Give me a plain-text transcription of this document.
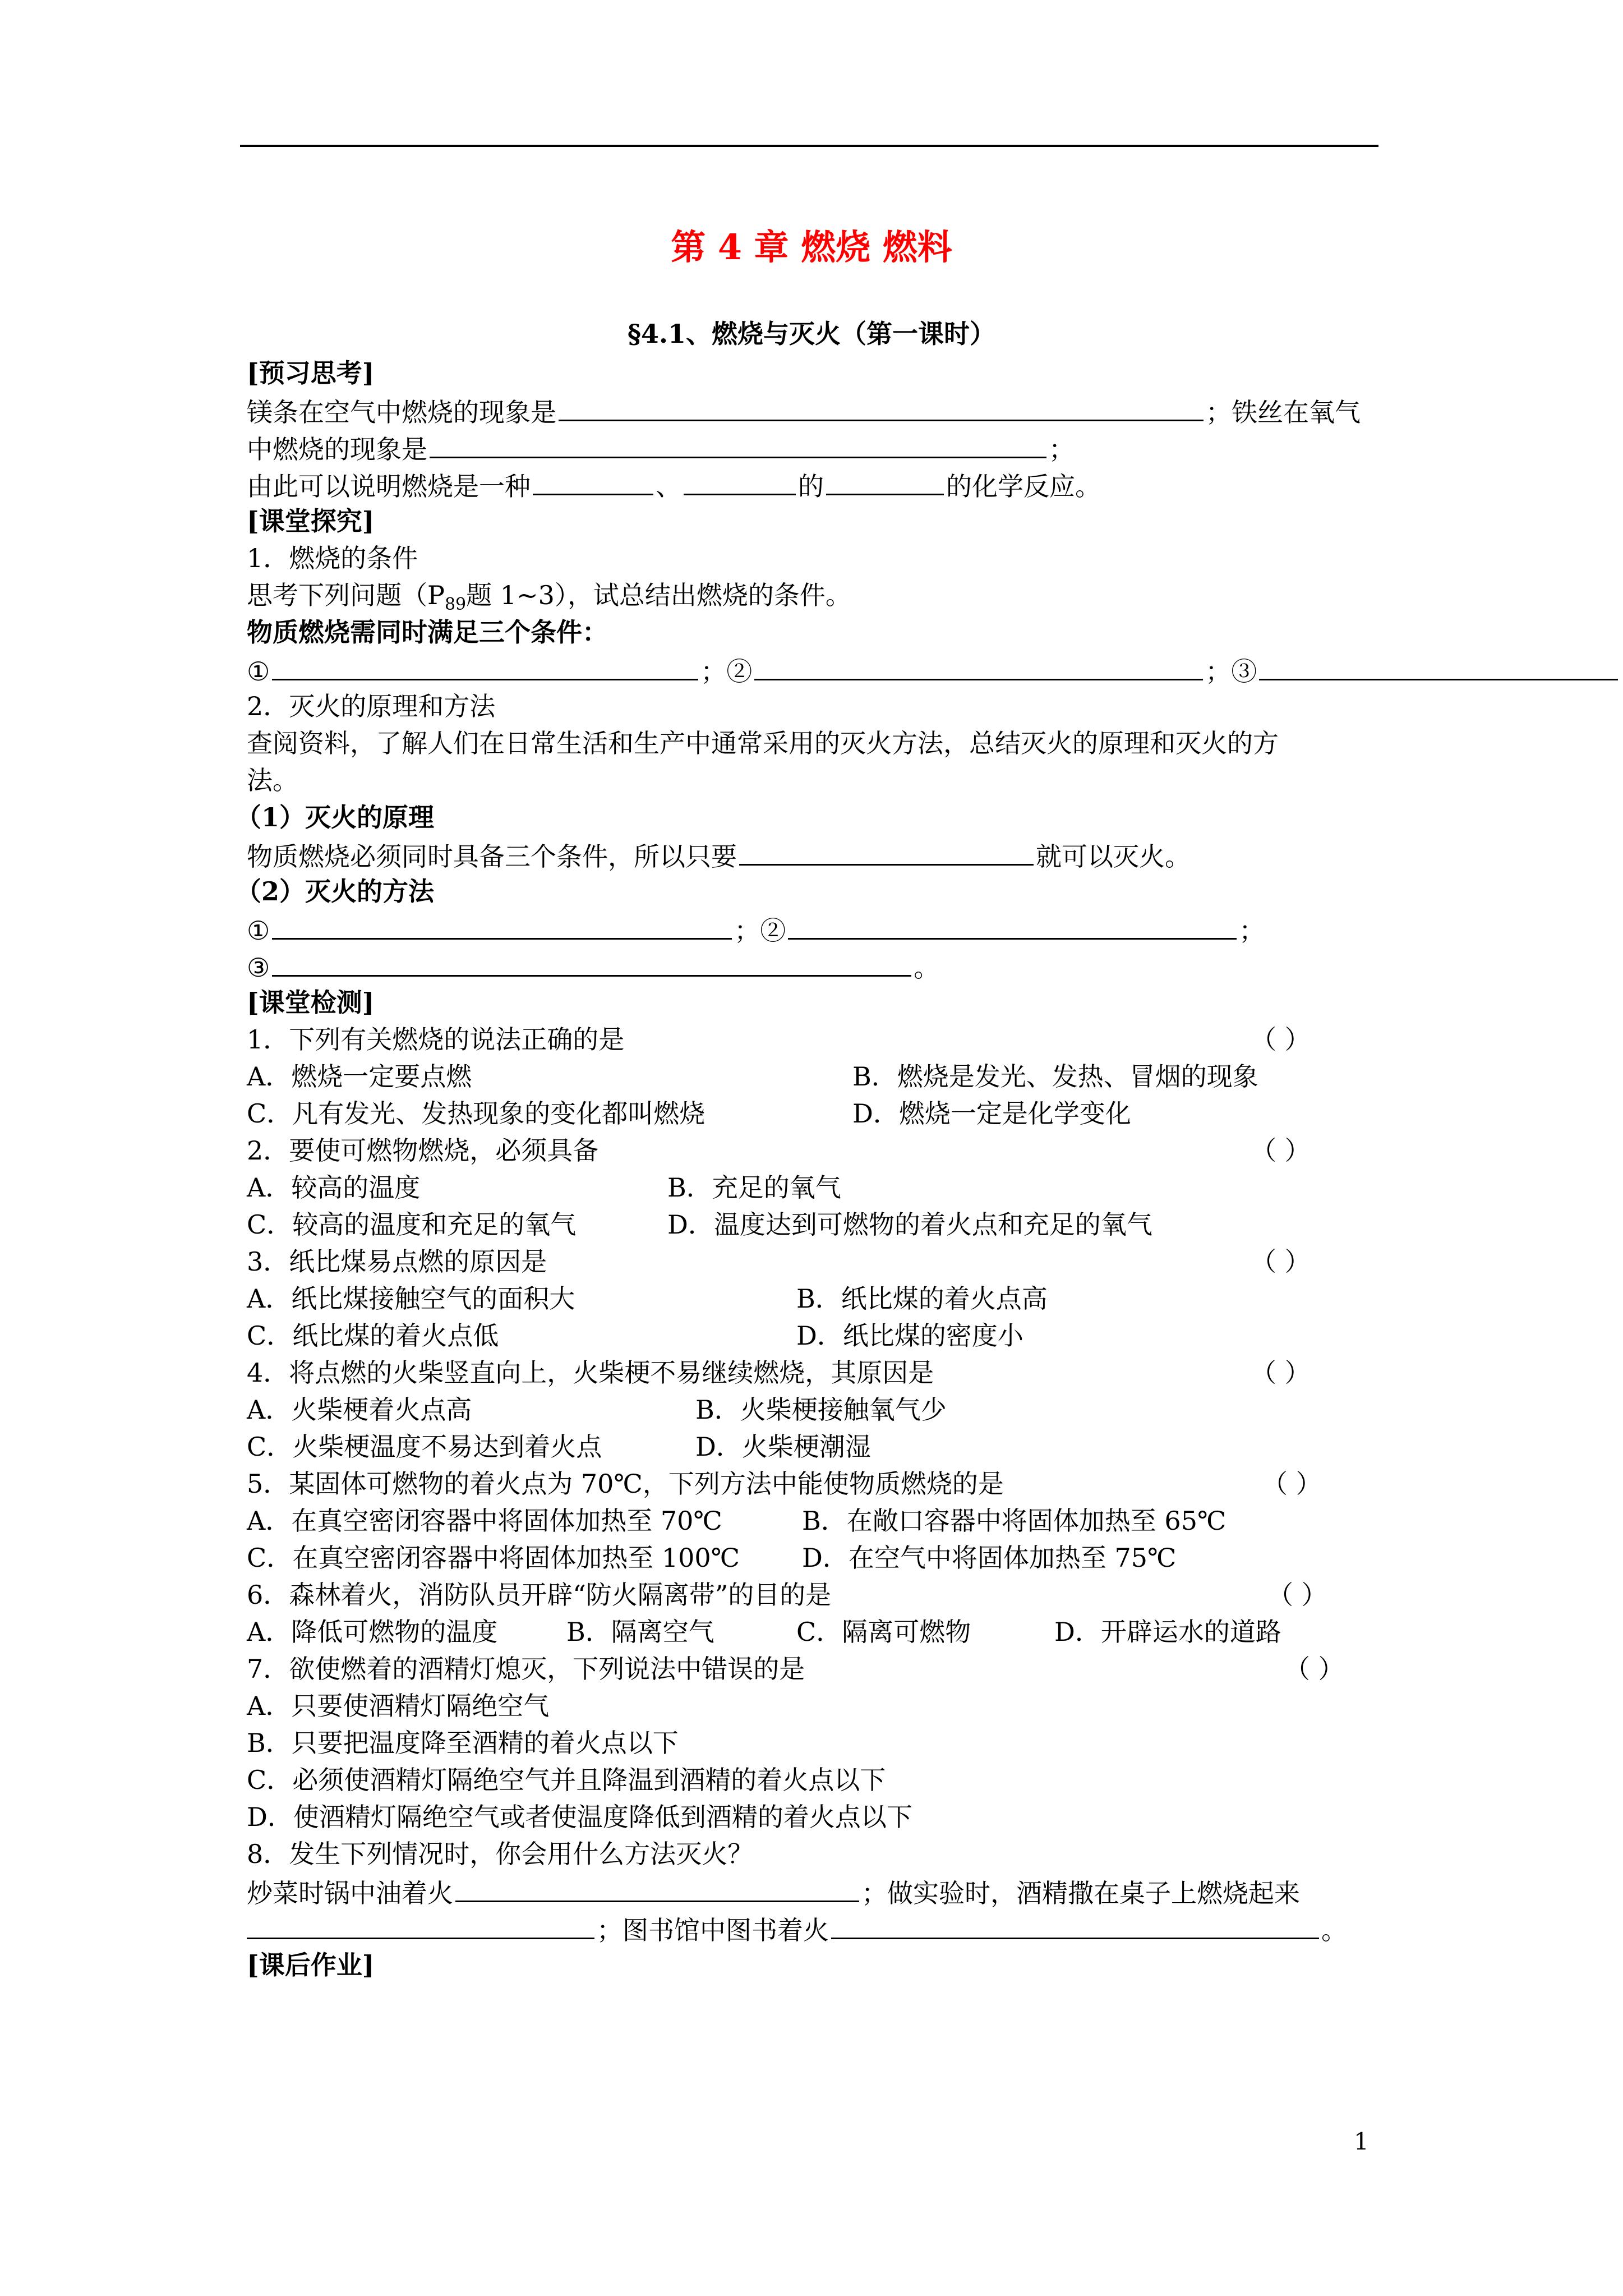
第 4 章 燃烧 燃料
§4.1、燃烧与灭火（第一课时）
[预习思考]
镁条在空气中燃烧的现象是	；铁丝在氧气
中燃烧的现象是	；
由此可以说明燃烧是一种	、	的	的化学反应。
[课堂探究]
1．燃烧的条件
思考下列问题（$P_{89}$题 1~3），试总结出燃烧的条件。
物质燃烧需同时满足三个条件：
①	；②	；③
2．灭火的原理和方法
查阅资料，了解人们在日常生活和生产中通常采用的灭火方法，总结灭火的原理和灭火的方
法。
（1）灭火的原理
物质燃烧必须同时具备三个条件，所以只要	就可以灭火。
（2）灭火的方法
①	；②	；
③	。
[课堂检测]
1．下列有关燃烧的说法正确的是	（ ）
A．燃烧一定要点燃	B．燃烧是发光、发热、冒烟的现象
C．凡有发光、发热现象的变化都叫燃烧	D．燃烧一定是化学变化
2．要使可燃物燃烧，必须具备	（ ）
A．较高的温度	B．充足的氧气
C．较高的温度和充足的氧气	D．温度达到可燃物的着火点和充足的氧气
3．纸比煤易点燃的原因是	（ ）
A．纸比煤接触空气的面积大	B．纸比煤的着火点高
C．纸比煤的着火点低	D．纸比煤的密度小
4．将点燃的火柴竖直向上，火柴梗不易继续燃烧，其原因是	（ ）
A．火柴梗着火点高	B．火柴梗接触氧气少
C．火柴梗温度不易达到着火点	D．火柴梗潮湿
5．某固体可燃物的着火点为 70℃，下列方法中能使物质燃烧的是	（ ）
A．在真空密闭容器中将固体加热至 70℃	B．在敞口容器中将固体加热至 65℃
C．在真空密闭容器中将固体加热至 100℃ D．在空气中将固体加热至 75℃
6．森林着火，消防队员开辟“防火隔离带”的目的是	（ ）
A．降低可燃物的温度	B．隔离空气	C．隔离可燃物	D．开辟运水的道路
7．欲使燃着的酒精灯熄灭，下列说法中错误的是	（ ）
A．只要使酒精灯隔绝空气
B．只要把温度降至酒精的着火点以下
C．必须使酒精灯隔绝空气并且降温到酒精的着火点以下
D．使酒精灯隔绝空气或者使温度降低到酒精的着火点以下
8．发生下列情况时，你会用什么方法灭火？
炒菜时锅中油着火	；做实验时，酒精撒在桌子上燃烧起来
；图书馆中图书着火	。
[课后作业]
1
